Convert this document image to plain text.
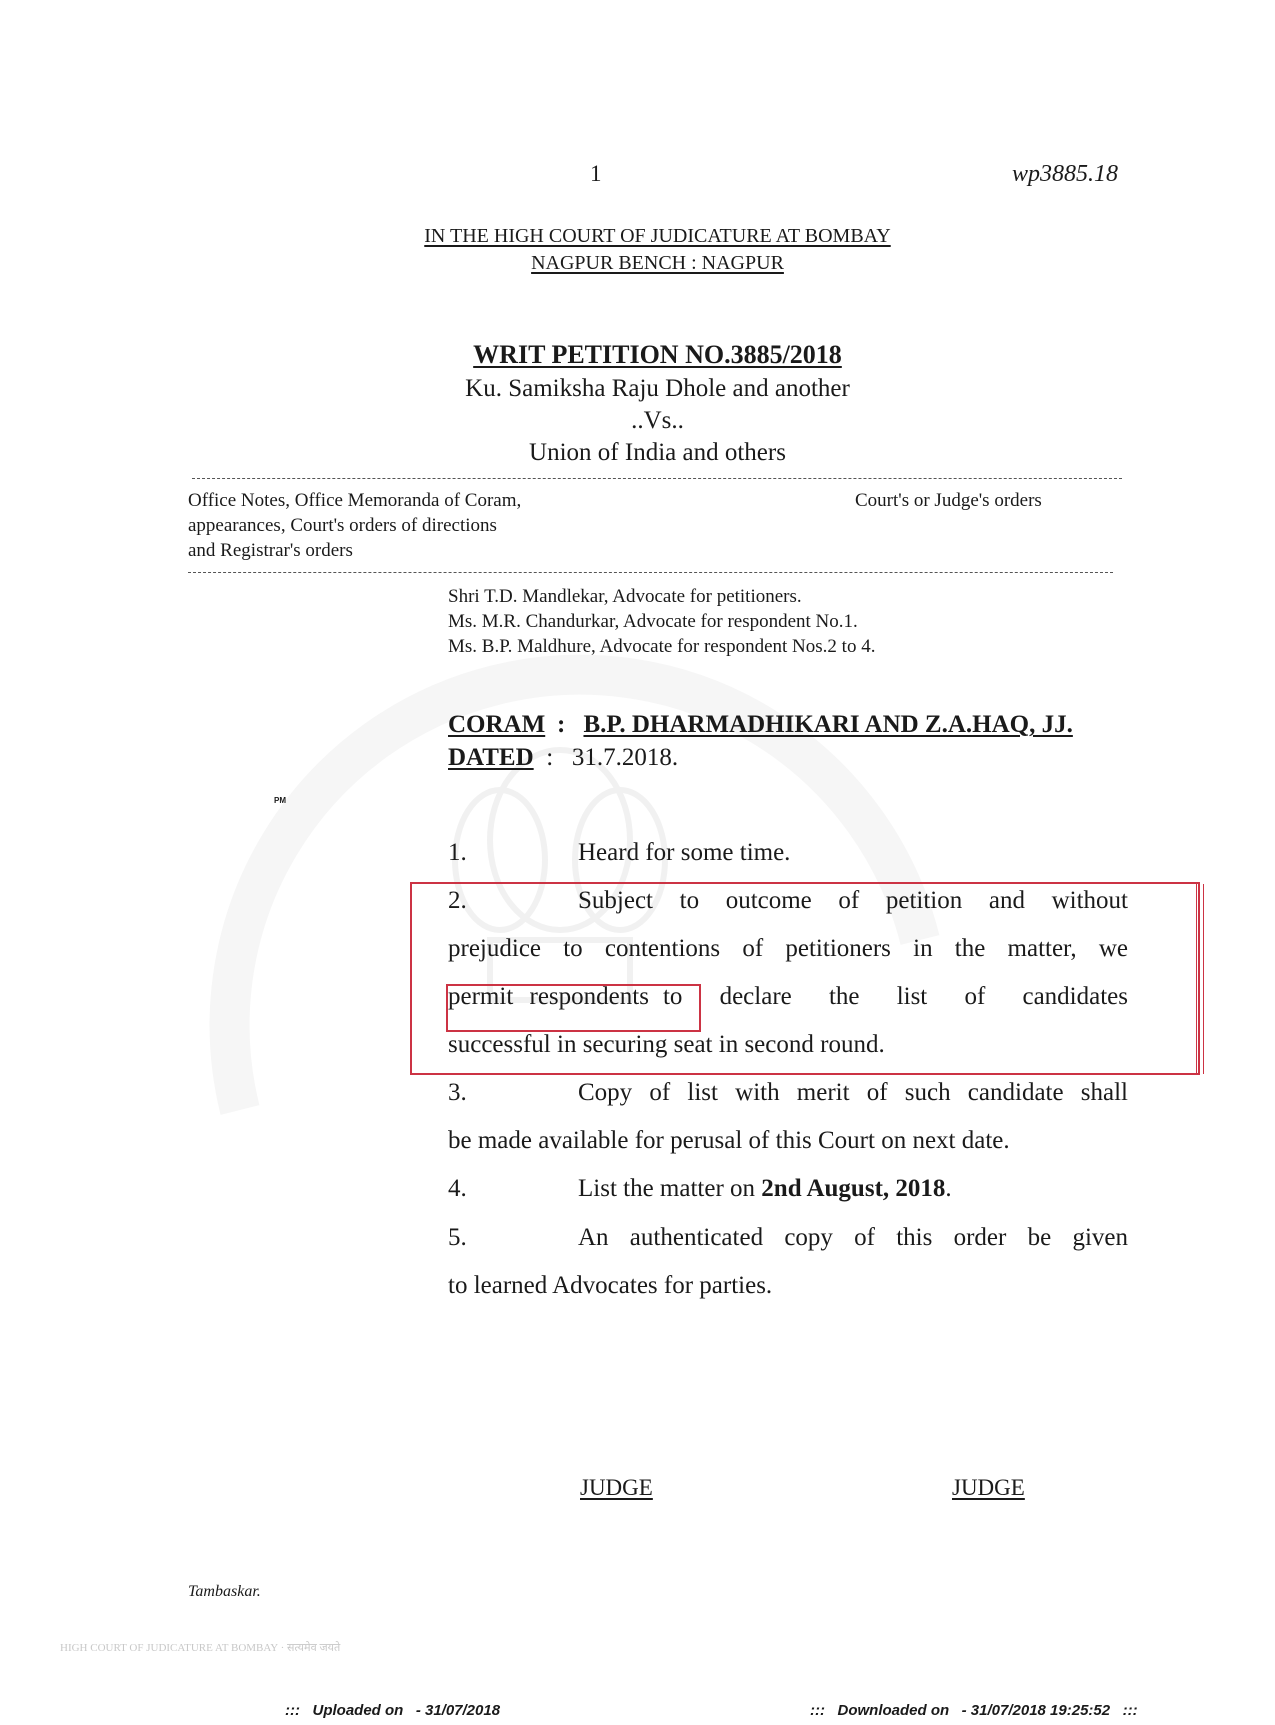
HIGH COURT OF JUDICATURE AT BOMBAY · सत्यमेव जयते
1	wp3885.18
IN THE HIGH COURT OF JUDICATURE AT BOMBAY
NAGPUR BENCH : NAGPUR
WRIT PETITION NO.3885/2018
Ku. Samiksha Raju Dhole and another
..Vs..
Union of India and others
Office Notes, Office Memoranda of Coram,
appearances, Court's orders of directions
and Registrar's orders
Court's or Judge's orders
Shri T.D. Mandlekar, Advocate for petitioners.
Ms. M.R. Chandurkar, Advocate for respondent No.1.
Ms. B.P. Maldhure, Advocate for respondent Nos.2 to 4.
CORAM : B.P. DHARMADHIKARI AND Z.A.HAQ, JJ.
DATED : 31.7.2018.
PM
1.	Heard for some time.
2.	Subject to outcome of petition and without
prejudice to contentions of petitioners in the matter, we
permit respondents to declare the list of candidates
successful in securing seat in second round.
3.	Copy of list with merit of such candidate shall
be made available for perusal of this Court on next date.
4.	List the matter on 2nd August, 2018.
5.	An authenticated copy of this order be given
to learned Advocates for parties.
JUDGE	JUDGE
Tambaskar.
:::   Uploaded on   - 31/07/2018	:::   Downloaded on   - 31/07/2018 19:25:52   :::
